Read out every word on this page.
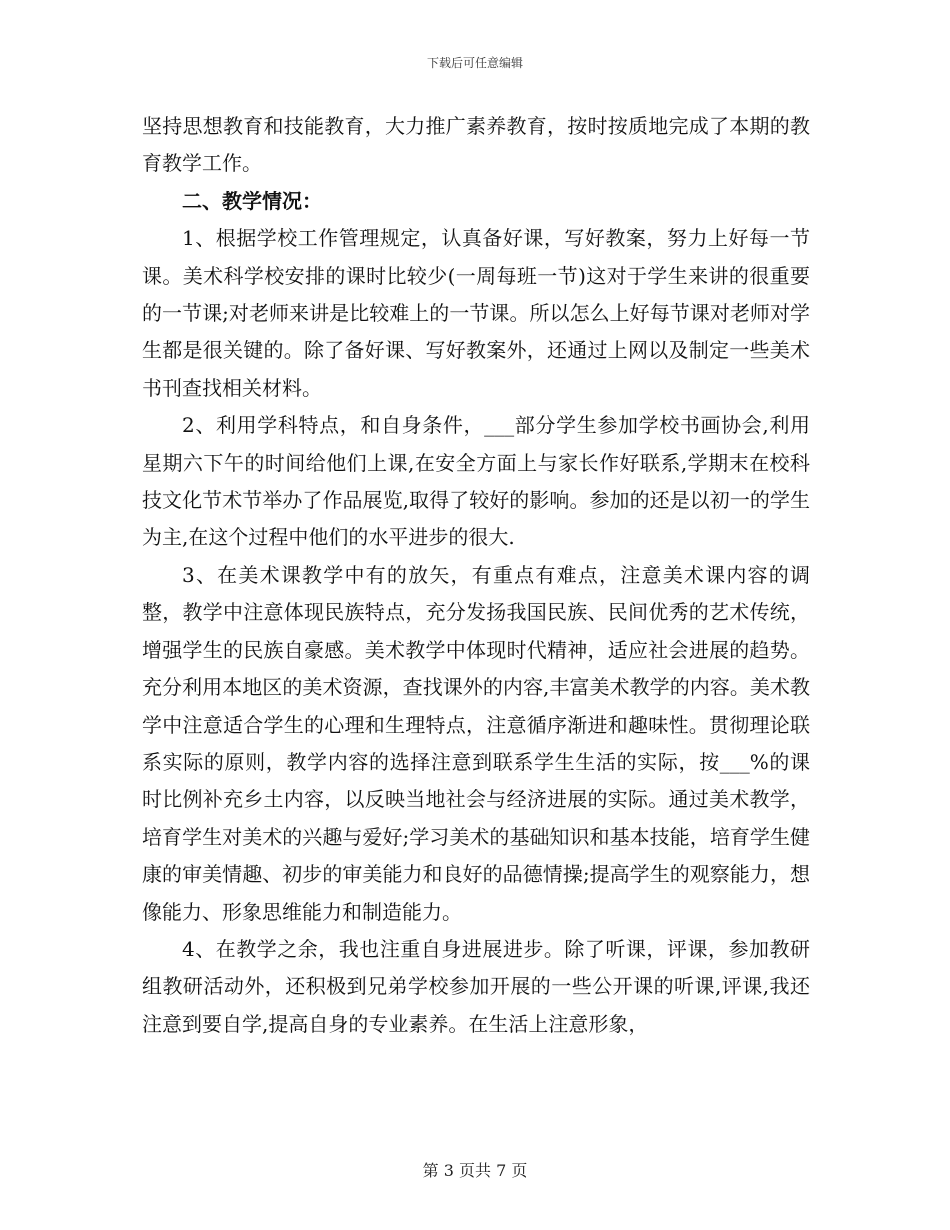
下载后可任意编辑

坚持思想教育和技能教育，大力推广素养教育，按时按质地完成了本期的教育教学工作。

二、教学情况：

1、根据学校工作管理规定，认真备好课，写好教案，努力上好每一节课。美术科学校安排的课时比较少(一周每班一节)这对于学生来讲的很重要的一节课;对老师来讲是比较难上的一节课。所以怎么上好每节课对老师对学生都是很关键的。除了备好课、写好教案外，还通过上网以及制定一些美术书刊查找相关材料。

2、利用学科特点，和自身条件，___部分学生参加学校书画协会,利用星期六下午的时间给他们上课,在安全方面上与家长作好联系,学期末在校科技文化节术节举办了作品展览,取得了较好的影响。参加的还是以初一的学生为主,在这个过程中他们的水平进步的很大.

3、在美术课教学中有的放矢，有重点有难点，注意美术课内容的调整，教学中注意体现民族特点，充分发扬我国民族、民间优秀的艺术传统，增强学生的民族自豪感。美术教学中体现时代精神，适应社会进展的趋势。充分利用本地区的美术资源，查找课外的内容,丰富美术教学的内容。美术教学中注意适合学生的心理和生理特点，注意循序渐进和趣味性。贯彻理论联系实际的原则，教学内容的选择注意到联系学生生活的实际，按___%的课时比例补充乡土内容，以反映当地社会与经济进展的实际。通过美术教学，培育学生对美术的兴趣与爱好;学习美术的基础知识和基本技能，培育学生健康的审美情趣、初步的审美能力和良好的品德情操;提高学生的观察能力，想像能力、形象思维能力和制造能力。

4、在教学之余，我也注重自身进展进步。除了听课，评课，参加教研组教研活动外，还积极到兄弟学校参加开展的一些公开课的听课,评课,我还注意到要自学,提高自身的专业素养。在生活上注意形象，

第 3 页共 7 页
